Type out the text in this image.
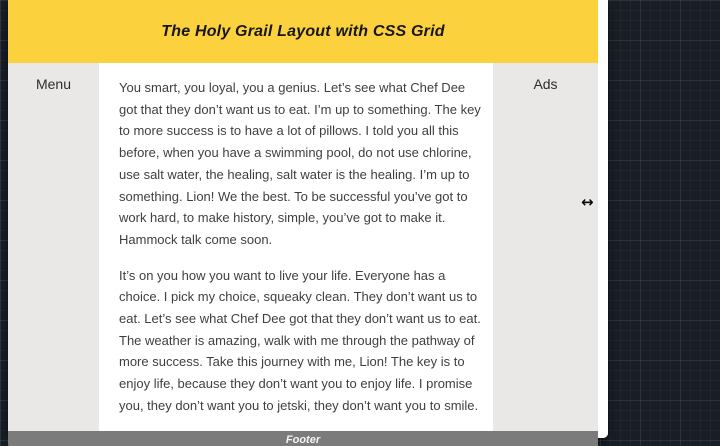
The Holy Grail Layout with CSS Grid
Menu	You smart, you loyal, you a genius. Let’s see what Chef Dee got that they don’t want us to eat. I’m up to something. The key to more success is to have a lot of pillows. I told you all this before, when you have a swimming pool, do not use chlorine, use salt water, the healing, salt water is the healing. I’m up to something. Lion! We the best. To be successful you’ve got to work hard, to make history, simple, you’ve got to make it. Hammock talk come soon.

It’s on you how you want to live your life. Everyone has a choice. I pick my choice, squeaky clean. They don’t want us to eat. Let’s see what Chef Dee got that they don’t want us to eat. The weather is amazing, walk with me through the pathway of more success. Take this journey with me, Lion! The key is to enjoy life, because they don’t want you to enjoy life. I promise you, they don’t want you to jetski, they don’t want you to smile.

Ads
Footer
↔
